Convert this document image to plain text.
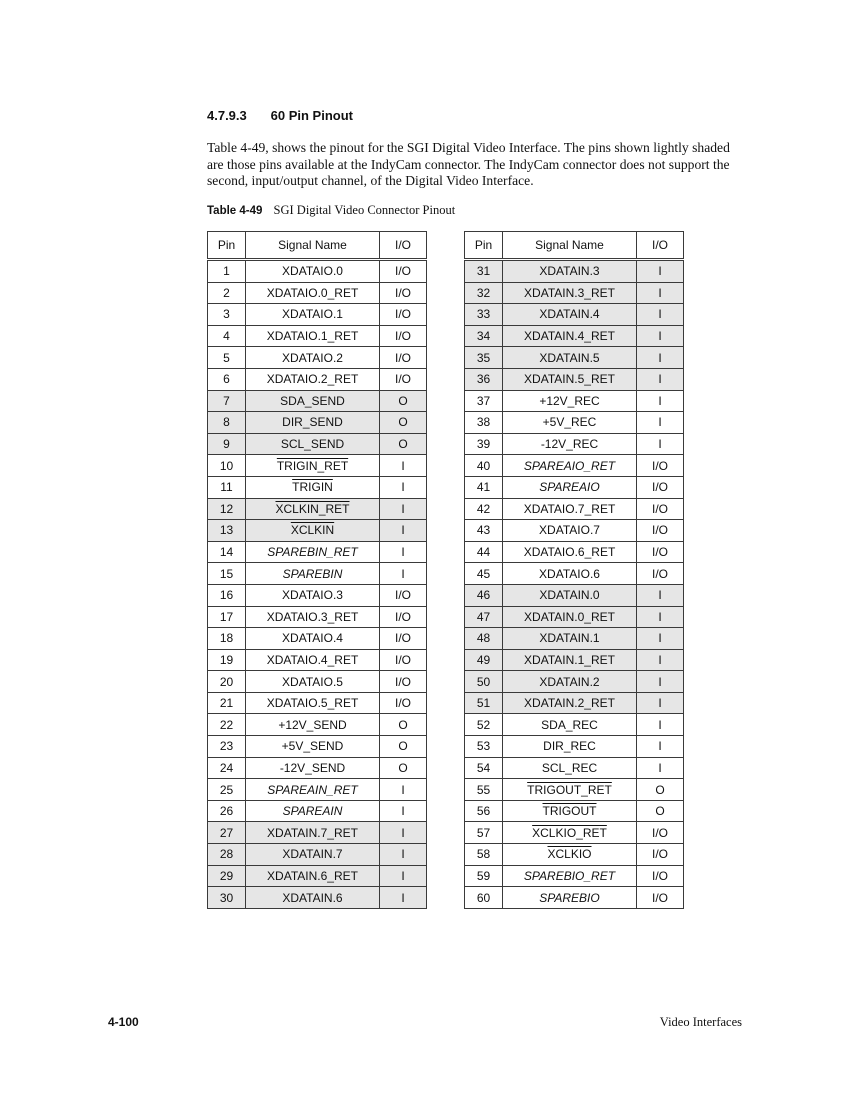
4.7.9.3 60 Pin Pinout

Table 4-49, shows the pinout for the SGI Digital Video Interface. The pins shown lightly shaded are those pins available at the IndyCam connector. The IndyCam connector does not support the second, input/output channel, of the Digital Video Interface.

Table 4-49 SGI Digital Video Connector Pinout
Pin	Signal Name	I/O
1	XDATAIO.0	I/O
2	XDATAIO.0_RET	I/O
3	XDATAIO.1	I/O
4	XDATAIO.1_RET	I/O
5	XDATAIO.2	I/O
6	XDATAIO.2_RET	I/O
7	SDA_SEND	O
8	DIR_SEND	O
9	SCL_SEND	O
10	TRIGIN_RET	I
11	TRIGIN	I
12	XCLKIN_RET	I
13	XCLKIN	I
14	SPAREBIN_RET	I
15	SPAREBIN	I
16	XDATAIO.3	I/O
17	XDATAIO.3_RET	I/O
18	XDATAIO.4	I/O
19	XDATAIO.4_RET	I/O
20	XDATAIO.5	I/O
21	XDATAIO.5_RET	I/O
22	+12V_SEND	O
23	+5V_SEND	O
24	-12V_SEND	O
25	SPAREAIN_RET	I
26	SPAREAIN	I
27	XDATAIN.7_RET	I
28	XDATAIN.7	I
29	XDATAIN.6_RET	I
30	XDATAIN.6	I
Pin	Signal Name	I/O
31	XDATAIN.3	I
32	XDATAIN.3_RET	I
33	XDATAIN.4	I
34	XDATAIN.4_RET	I
35	XDATAIN.5	I
36	XDATAIN.5_RET	I
37	+12V_REC	I
38	+5V_REC	I
39	-12V_REC	I
40	SPAREAIO_RET	I/O
41	SPAREAIO	I/O
42	XDATAIO.7_RET	I/O
43	XDATAIO.7	I/O
44	XDATAIO.6_RET	I/O
45	XDATAIO.6	I/O
46	XDATAIN.0	I
47	XDATAIN.0_RET	I
48	XDATAIN.1	I
49	XDATAIN.1_RET	I
50	XDATAIN.2	I
51	XDATAIN.2_RET	I
52	SDA_REC	I
53	DIR_REC	I
54	SCL_REC	I
55	TRIGOUT_RET	O
56	TRIGOUT	O
57	XCLKIO_RET	I/O
58	XCLKIO	I/O
59	SPAREBIO_RET	I/O
60	SPAREBIO	I/O
4-100	Video Interfaces
